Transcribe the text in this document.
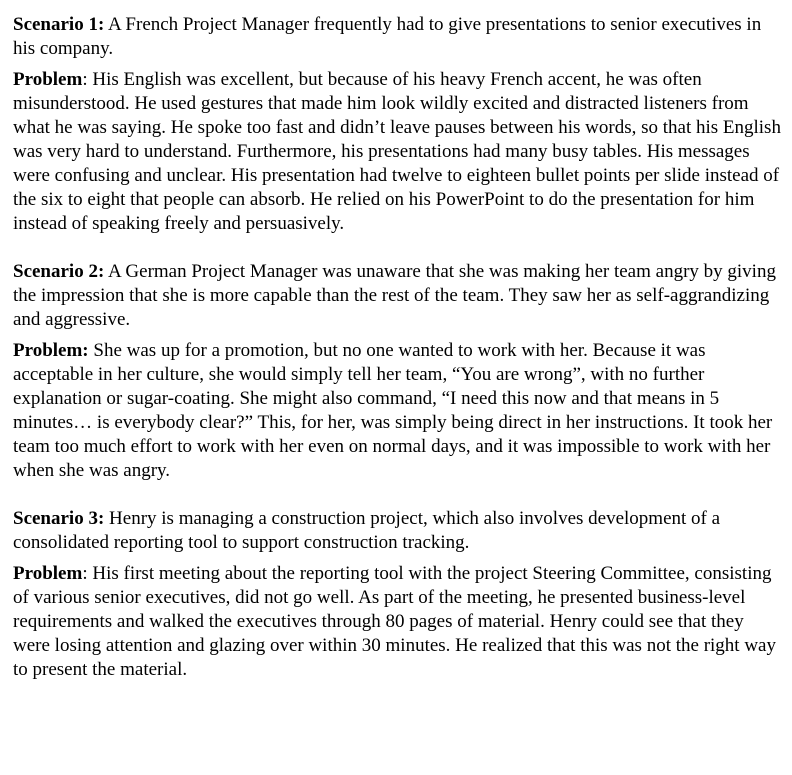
Scenario 1: A French Project Manager frequently had to give presentations to senior executives in his company.

Problem: His English was excellent, but because of his heavy French accent, he was often misunderstood. He used gestures that made him look wildly excited and distracted listeners from what he was saying. He spoke too fast and didn’t leave pauses between his words, so that his English was very hard to understand. Furthermore, his presentations had many busy tables. His messages were confusing and unclear. His presentation had twelve to eighteen bullet points per slide instead of the six to eight that people can absorb. He relied on his PowerPoint to do the presentation for him instead of speaking freely and persuasively.

Scenario 2: A German Project Manager was unaware that she was making her team angry by giving the impression that she is more capable than the rest of the team. They saw her as self-aggrandizing and aggressive.

Problem: She was up for a promotion, but no one wanted to work with her. Because it was acceptable in her culture, she would simply tell her team, “You are wrong”, with no further explanation or sugar-coating. She might also command, “I need this now and that means in 5 minutes… is everybody clear?” This, for her, was simply being direct in her instructions. It took her team too much effort to work with her even on normal days, and it was impossible to work with her when she was angry.

Scenario 3: Henry is managing a construction project, which also involves development of a consolidated reporting tool to support construction tracking.

Problem: His first meeting about the reporting tool with the project Steering Committee, consisting of various senior executives, did not go well. As part of the meeting, he presented business-level requirements and walked the executives through 80 pages of material. Henry could see that they were losing attention and glazing over within 30 minutes. He realized that this was not the right way to present the material.
